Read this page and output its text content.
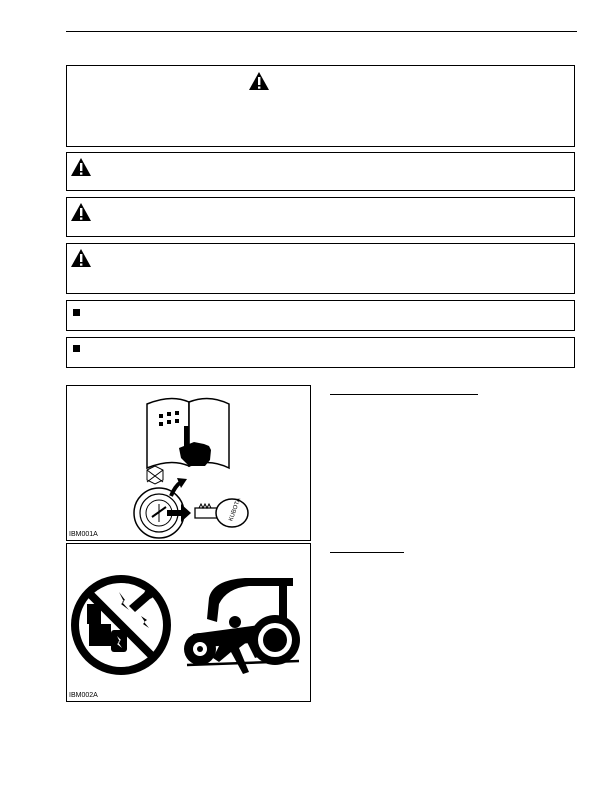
KUBOTA
IBM001A
IBM002A
